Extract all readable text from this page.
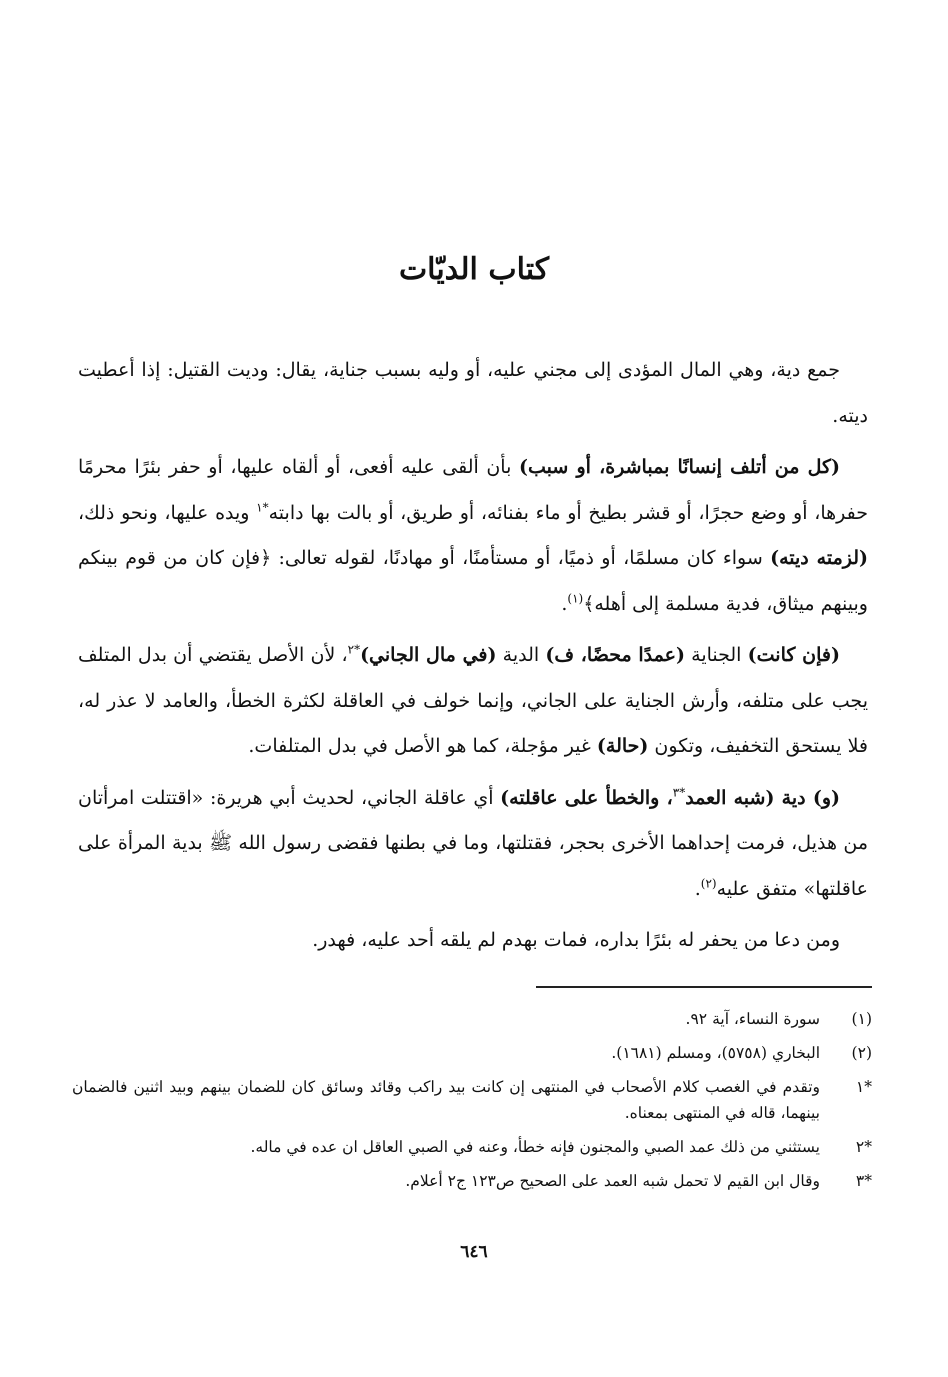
كتاب الديّات

جمع دية، وهي المال المؤدى إلى مجني عليه، أو وليه بسبب جناية، يقال: وديت القتيل: إذا أعطيت ديته.

(كل من أتلف إنسانًا بمباشرة، أو سبب) بأن ألقى عليه أفعى، أو ألقاه عليها، أو حفر بئرًا محرمًا حفرها، أو وضع حجرًا، أو قشر بطيخ أو ماء بفنائه، أو طريق، أو بالت بها دابته$^{*١}$ ويده عليها، ونحو ذلك، (لزمته ديته) سواء كان مسلمًا، أو ذميًا، أو مستأمنًا، أو مهادنًا، لقوله تعالى: ﴿فإن كان من قوم بينكم وبينهم ميثاق، فدية مسلمة إلى أهله﴾$^{(١)}$.

(فإن كانت) الجناية (عمدًا محضًا، ف) الدية (في مال الجاني)$^{*٢}$، لأن الأصل يقتضي أن بدل المتلف يجب على متلفه، وأرش الجناية على الجاني، وإنما خولف في العاقلة لكثرة الخطأ، والعامد لا عذر له، فلا يستحق التخفيف، وتكون (حالة) غير مؤجلة، كما هو الأصل في بدل المتلفات.

(و) دية (شبه العمد$^{*٣}$، والخطأ على عاقلته) أي عاقلة الجاني، لحديث أبي هريرة: «اقتتلت امرأتان من هذيل، فرمت إحداهما الأخرى بحجر، فقتلتها، وما في بطنها فقضى رسول الله ﷺ بدية المرأة على عاقلتها» متفق عليه$^{(٢)}$.

ومن دعا من يحفر له بئرًا بداره، فمات بهدم لم يلقه أحد عليه، فهدر.

(١)
سورة النساء، آية ٩٢.
(٢)
البخاري (٥٧٥٨)، ومسلم (١٦٨١).
*١
وتقدم في الغصب كلام الأصحاب في المنتهى إن كانت بيد راكب وقائد وسائق كان للضمان بينهم وبيد اثنين فالضمان بينهما، قاله في المنتهى بمعناه.
*٢
يستثني من ذلك عمد الصبي والمجنون فإنه خطأ، وعنه في الصبي العاقل ان عده في ماله.
*٣
وقال ابن القيم لا تحمل شبه العمد على الصحيح ص١٢٣ ج٢ أعلام.
٦٤٦
